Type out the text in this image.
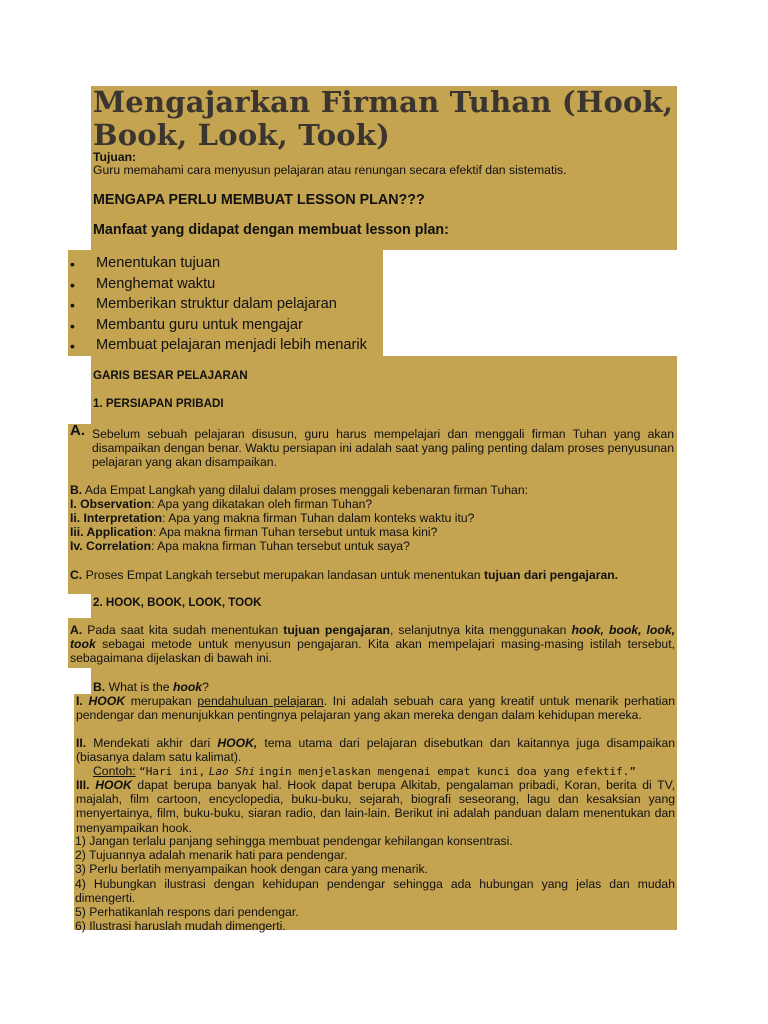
Mengajarkan Firman Tuhan (Hook, Book, Look, Took)
Tujuan:
Guru memahami cara menyusun pelajaran atau renungan secara efektif dan sistematis.
MENGAPA PERLU MEMBUAT LESSON PLAN???
Manfaat yang didapat dengan membuat lesson plan:
• Menentukan tujuan
• Menghemat waktu
• Memberikan struktur dalam pelajaran
• Membantu guru untuk mengajar
• Membuat pelajaran menjadi lebih menarik
GARIS BESAR PELAJARAN
1. PERSIAPAN PRIBADI
A. Sebelum sebuah pelajaran disusun, guru harus mempelajari dan menggali firman Tuhan yang akan disampaikan dengan benar. Waktu persiapan ini adalah saat yang paling penting dalam proses penyusunan pelajaran yang akan disampaikan.
B. Ada Empat Langkah yang dilalui dalam proses menggali kebenaran firman Tuhan:
I. Observation: Apa yang dikatakan oleh firman Tuhan?
Ii. Interpretation: Apa yang makna firman Tuhan dalam konteks waktu itu?
Iii. Application: Apa makna firman Tuhan tersebut untuk masa kini?
Iv. Correlation: Apa makna firman Tuhan tersebut untuk saya?
C. Proses Empat Langkah tersebut merupakan landasan untuk menentukan tujuan dari pengajaran.
2. HOOK, BOOK, LOOK, TOOK
A. Pada saat kita sudah menentukan tujuan pengajaran, selanjutnya kita menggunakan hook, book, look, took sebagai metode untuk menyusun pengajaran. Kita akan mempelajari masing-masing istilah tersebut, sebagaimana dijelaskan di bawah ini.
B. What is the hook?
I. HOOK merupakan pendahuluan pelajaran. Ini adalah sebuah cara yang kreatif untuk menarik perhatian pendengar dan menunjukkan pentingnya pelajaran yang akan mereka dengan dalam kehidupan mereka.
II. Mendekati akhir dari HOOK, tema utama dari pelajaran disebutkan dan kaitannya juga disampaikan (biasanya dalam satu kalimat).
Contoh: “Hari ini, Lao Shi ingin menjelaskan mengenai empat kunci doa yang efektif.”
III. HOOK dapat berupa banyak hal. Hook dapat berupa Alkitab, pengalaman pribadi, Koran, berita di TV, majalah, film cartoon, encyclopedia, buku-buku, sejarah, biografi seseorang, lagu dan kesaksian yang menyertainya, film, buku-buku, siaran radio, dan lain-lain. Berikut ini adalah panduan dalam menentukan dan menyampaikan hook.
1) Jangan terlalu panjang sehingga membuat pendengar kehilangan konsentrasi.
2) Tujuannya adalah menarik hati para pendengar.
3) Perlu berlatih menyampaikan hook dengan cara yang menarik.
4) Hubungkan ilustrasi dengan kehidupan pendengar sehingga ada hubungan yang jelas dan mudah dimengerti.
5) Perhatikanlah respons dari pendengar.
6) Ilustrasi haruslah mudah dimengerti.
